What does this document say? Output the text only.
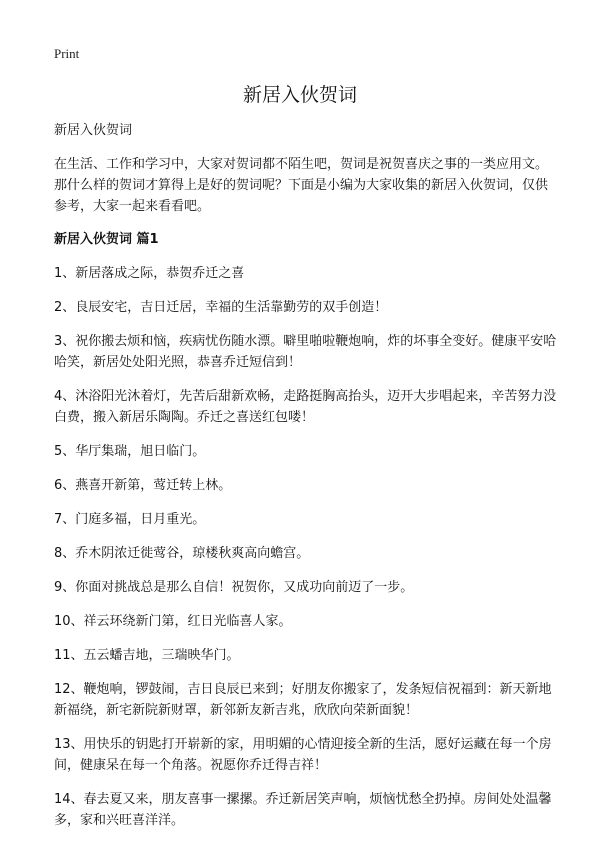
Print
新居入伙贺词

新居入伙贺词

在生活、工作和学习中，大家对贺词都不陌生吧，贺词是祝贺喜庆之事的一类应用文。那什么样的贺词才算得上是好的贺词呢？下面是小编为大家收集的新居入伙贺词，仅供参考，大家一起来看看吧。

新居入伙贺词 篇1

1、新居落成之际，恭贺乔迁之喜

2、良辰安宅，吉日迁居，幸福的生活靠勤劳的双手创造！

3、祝你搬去烦和恼，疾病忧伤随水漂。噼里啪啦鞭炮响，炸的坏事全变好。健康平安哈哈笑，新居处处阳光照，恭喜乔迁短信到！

4、沐浴阳光沐着灯，先苦后甜新欢畅，走路挺胸高抬头，迈开大步唱起来，辛苦努力没白费，搬入新居乐陶陶。乔迁之喜送红包喽！

5、华厅集瑞，旭日临门。

6、燕喜开新第，莺迁转上林。

7、门庭多福，日月重光。

8、乔木阴浓迁徙莺谷，琼楼秋爽高向蟾宫。

9、你面对挑战总是那么自信！祝贺你，又成功向前迈了一步。

10、祥云环绕新门第，红日光临喜人家。

11、五云蟠吉地，三瑞映华门。

12、鞭炮响，锣鼓闹，吉日良辰已来到；好朋友你搬家了，发条短信祝福到：新天新地新福绕，新宅新院新财罩，新邻新友新吉兆，欣欣向荣新面貌！

13、用快乐的钥匙打开崭新的家，用明媚的心情迎接全新的生活，愿好运藏在每一个房间，健康呆在每一个角落。祝愿你乔迁得吉祥！

14、春去夏又来，朋友喜事一摞摞。乔迁新居笑声响，烦恼忧愁全扔掉。房间处处温馨多，家和兴旺喜洋洋。
